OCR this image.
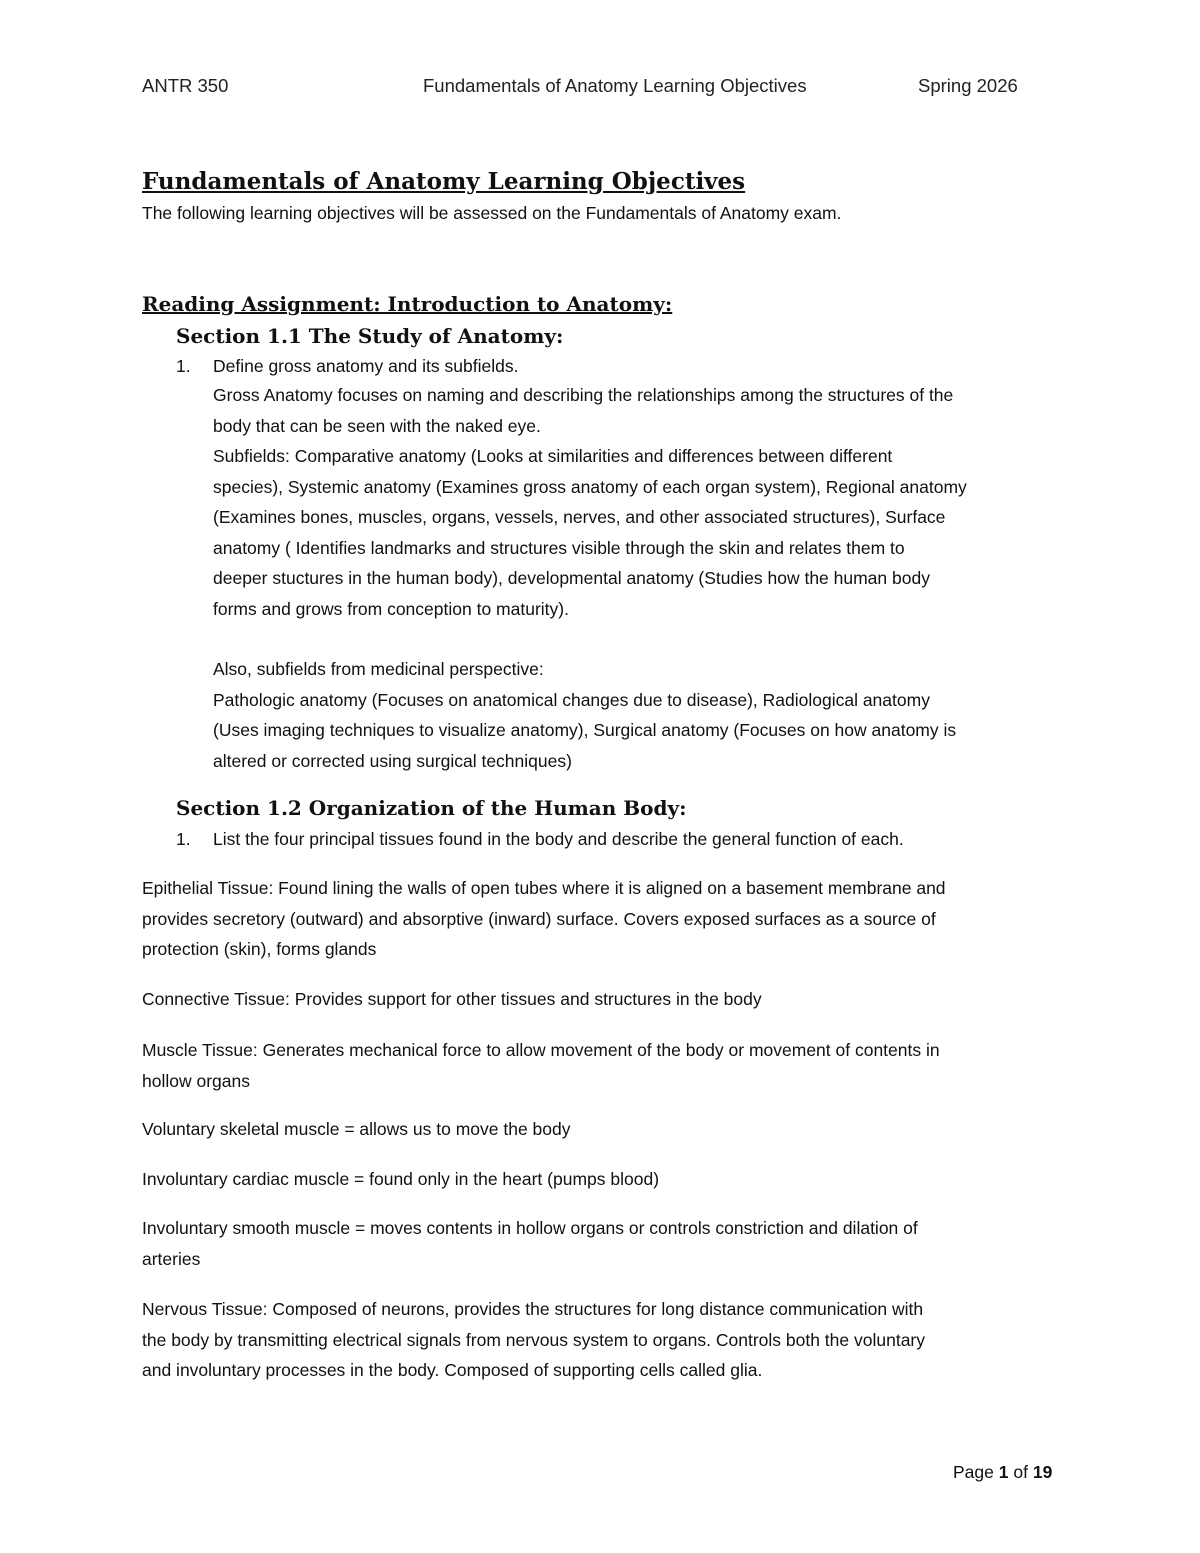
ANTR 350	Fundamentals of Anatomy Learning Objectives	Spring 2026
Fundamentals of Anatomy Learning Objectives
The following learning objectives will be assessed on the Fundamentals of Anatomy exam.
Reading Assignment: Introduction to Anatomy:
Section 1.1 The Study of Anatomy:
1. Define gross anatomy and its subfields.
Gross Anatomy focuses on naming and describing the relationships among the structures of the
body that can be seen with the naked eye.
Subfields: Comparative anatomy (Looks at similarities and differences between different
species), Systemic anatomy (Examines gross anatomy of each organ system), Regional anatomy
(Examines bones, muscles, organs, vessels, nerves, and other associated structures), Surface
anatomy ( Identifies landmarks and structures visible through the skin and relates them to
deeper stuctures in the human body), developmental anatomy (Studies how the human body
forms and grows from conception to maturity).
Also, subfields from medicinal perspective:
Pathologic anatomy (Focuses on anatomical changes due to disease), Radiological anatomy
(Uses imaging techniques to visualize anatomy), Surgical anatomy (Focuses on how anatomy is
altered or corrected using surgical techniques)
Section 1.2 Organization of the Human Body:
1. List the four principal tissues found in the body and describe the general function of each.
Epithelial Tissue: Found lining the walls of open tubes where it is aligned on a basement membrane and
provides secretory (outward) and absorptive (inward) surface. Covers exposed surfaces as a source of
protection (skin), forms glands
Connective Tissue: Provides support for other tissues and structures in the body
Muscle Tissue: Generates mechanical force to allow movement of the body or movement of contents in
hollow organs
Voluntary skeletal muscle = allows us to move the body
Involuntary cardiac muscle = found only in the heart (pumps blood)
Involuntary smooth muscle = moves contents in hollow organs or controls constriction and dilation of
arteries
Nervous Tissue: Composed of neurons, provides the structures for long distance communication with
the body by transmitting electrical signals from nervous system to organs. Controls both the voluntary
and involuntary processes in the body. Composed of supporting cells called glia.
Page 1 of 19
